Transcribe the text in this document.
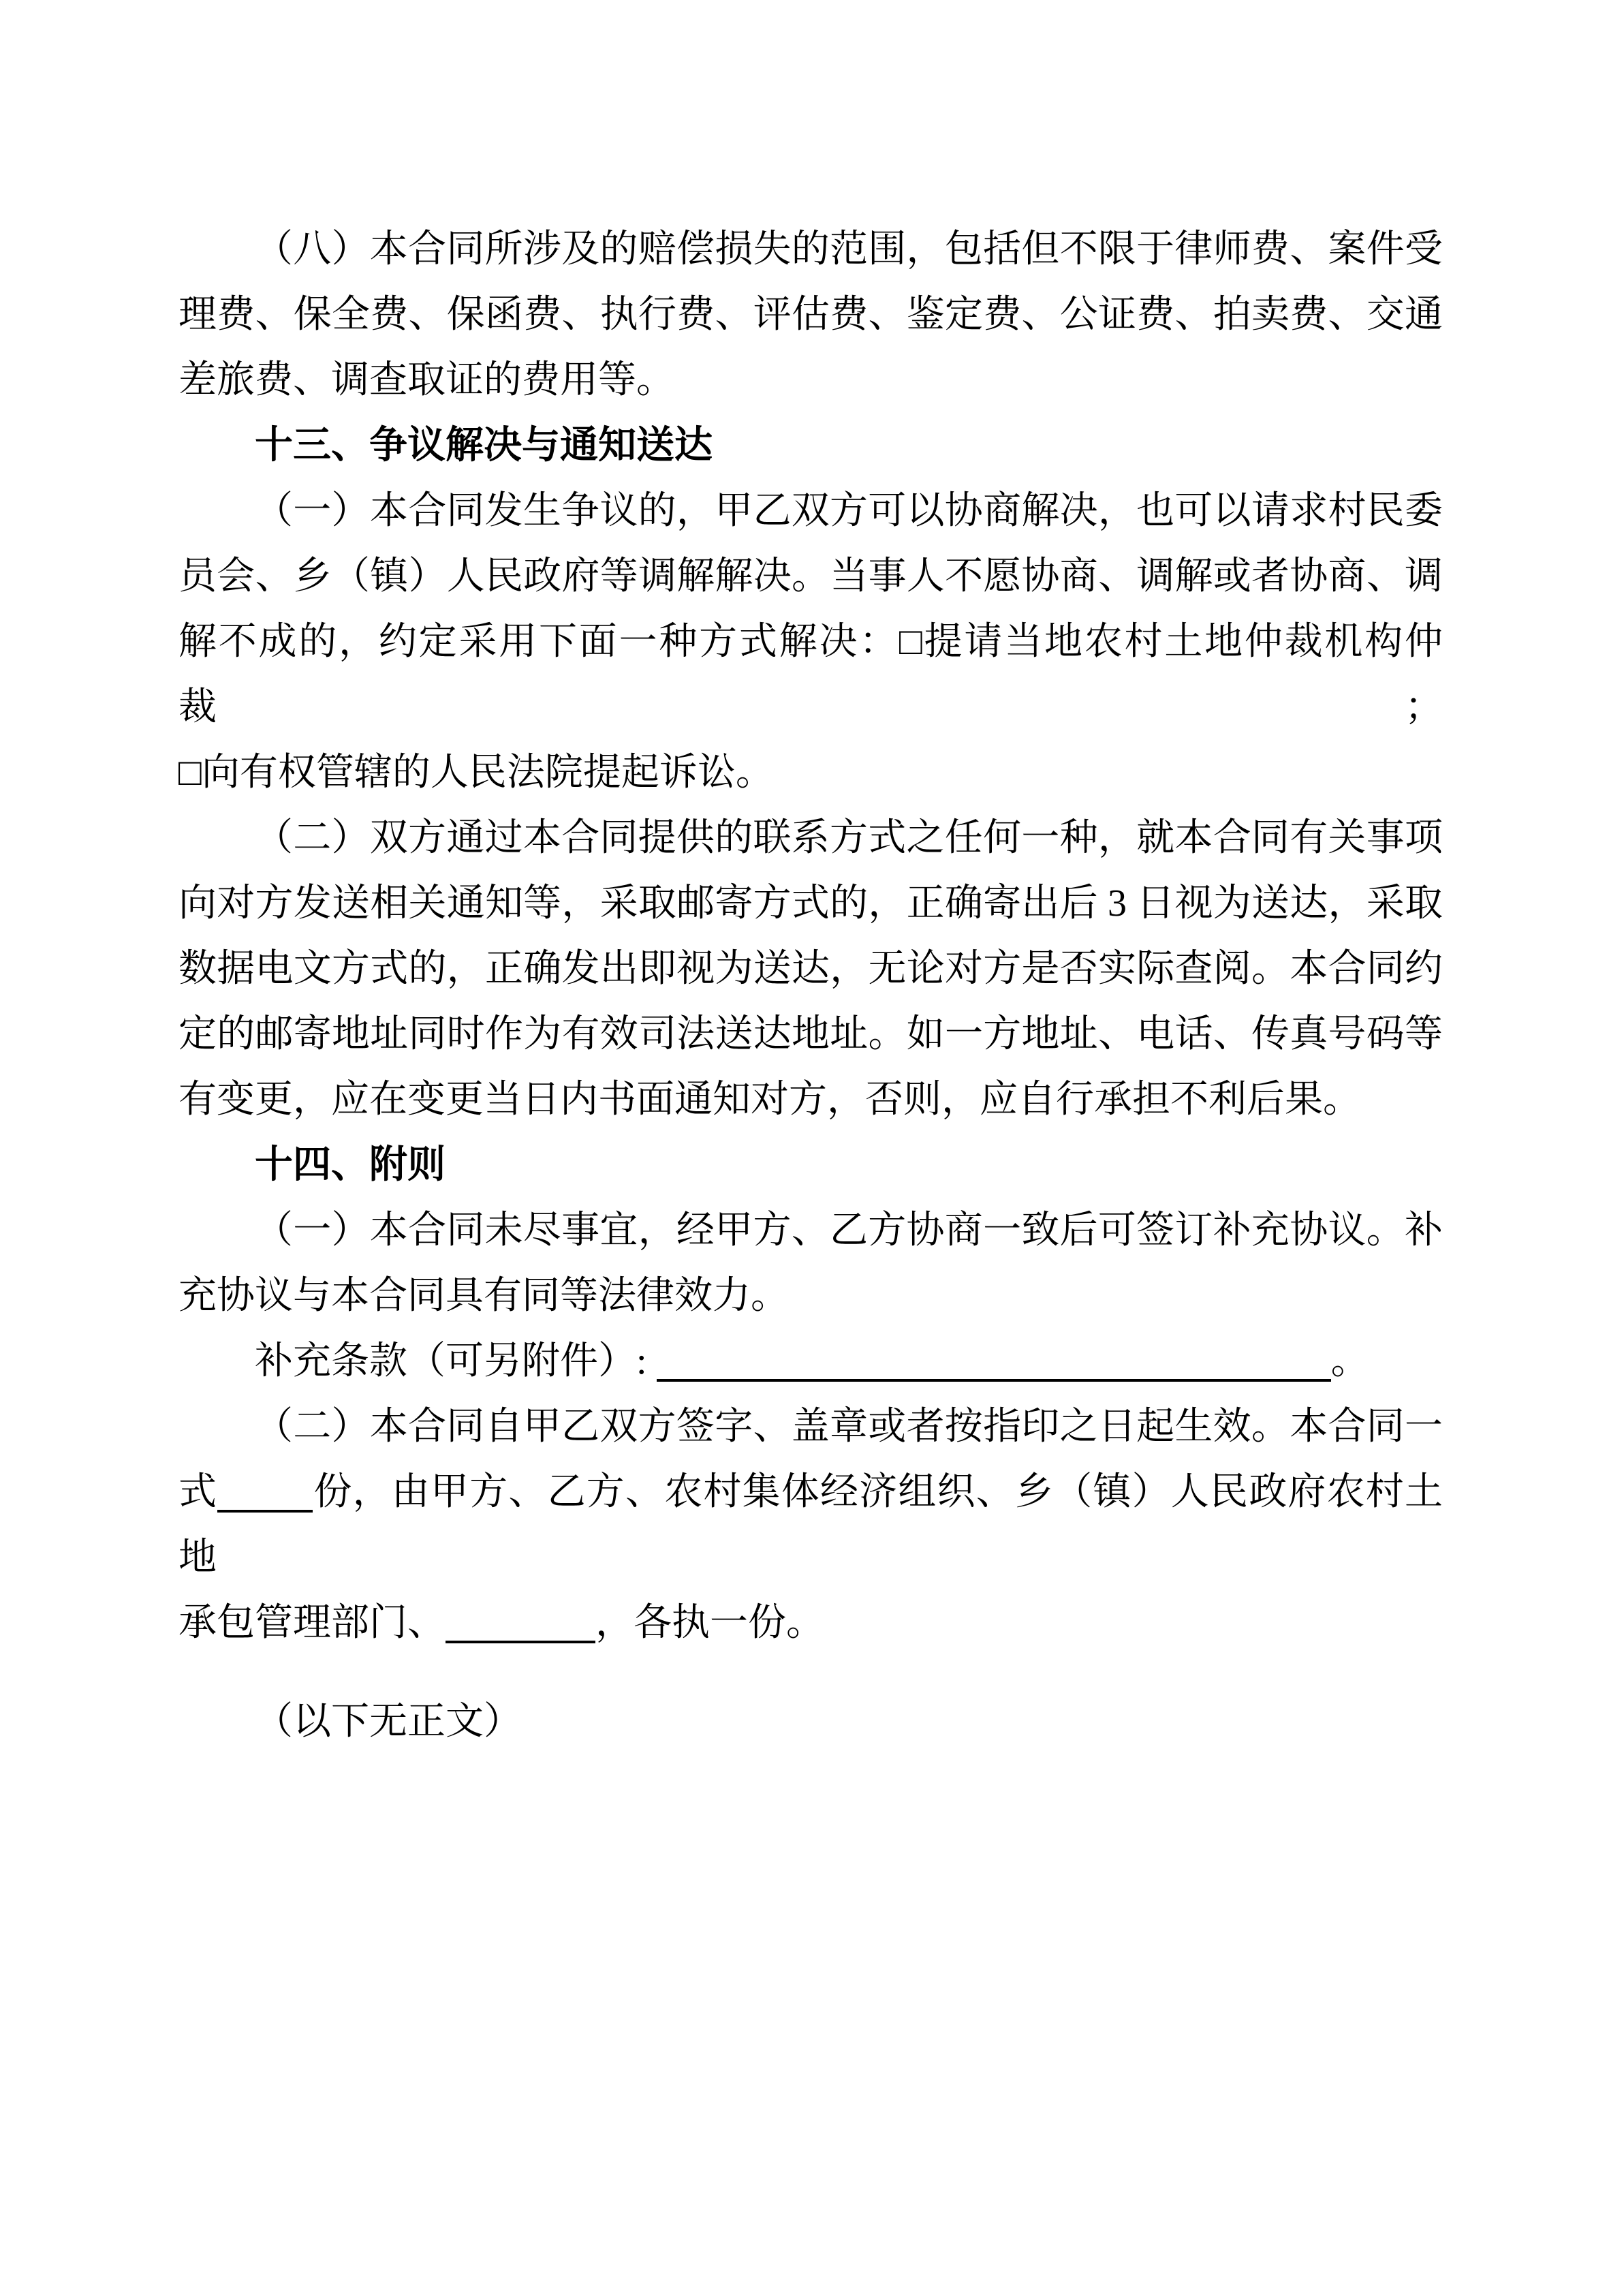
（八）本合同所涉及的赔偿损失的范围，包括但不限于律师费、案件受
理费、保全费、保函费、执行费、评估费、鉴定费、公证费、拍卖费、交通
差旅费、调查取证的费用等。
十三、争议解决与通知送达
（一）本合同发生争议的，甲乙双方可以协商解决，也可以请求村民委
员会、乡（镇）人民政府等调解解决。当事人不愿协商、调解或者协商、调
解不成的，约定采用下面一种方式解决：□提请当地农村土地仲裁机构仲裁；
□向有权管辖的人民法院提起诉讼。
（二）双方通过本合同提供的联系方式之任何一种，就本合同有关事项
向对方发送相关通知等，采取邮寄方式的，正确寄出后 3 日视为送达，采取
数据电文方式的，正确发出即视为送达，无论对方是否实际查阅。本合同约
定的邮寄地址同时作为有效司法送达地址。如一方地址、电话、传真号码等
有变更，应在变更当日内书面通知对方，否则，应自行承担不利后果。
十四、附则
（一）本合同未尽事宜，经甲方、乙方协商一致后可签订补充协议。补
充协议与本合同具有同等法律效力。
补充条款（可另附件）:	。
（二）本合同自甲乙双方签字、盖章或者按指印之日起生效。本合同一
式	份，由甲方、乙方、农村集体经济组织、乡（镇）人民政府农村土地
承包管理部门、	，各执一份。
（以下无正文）
